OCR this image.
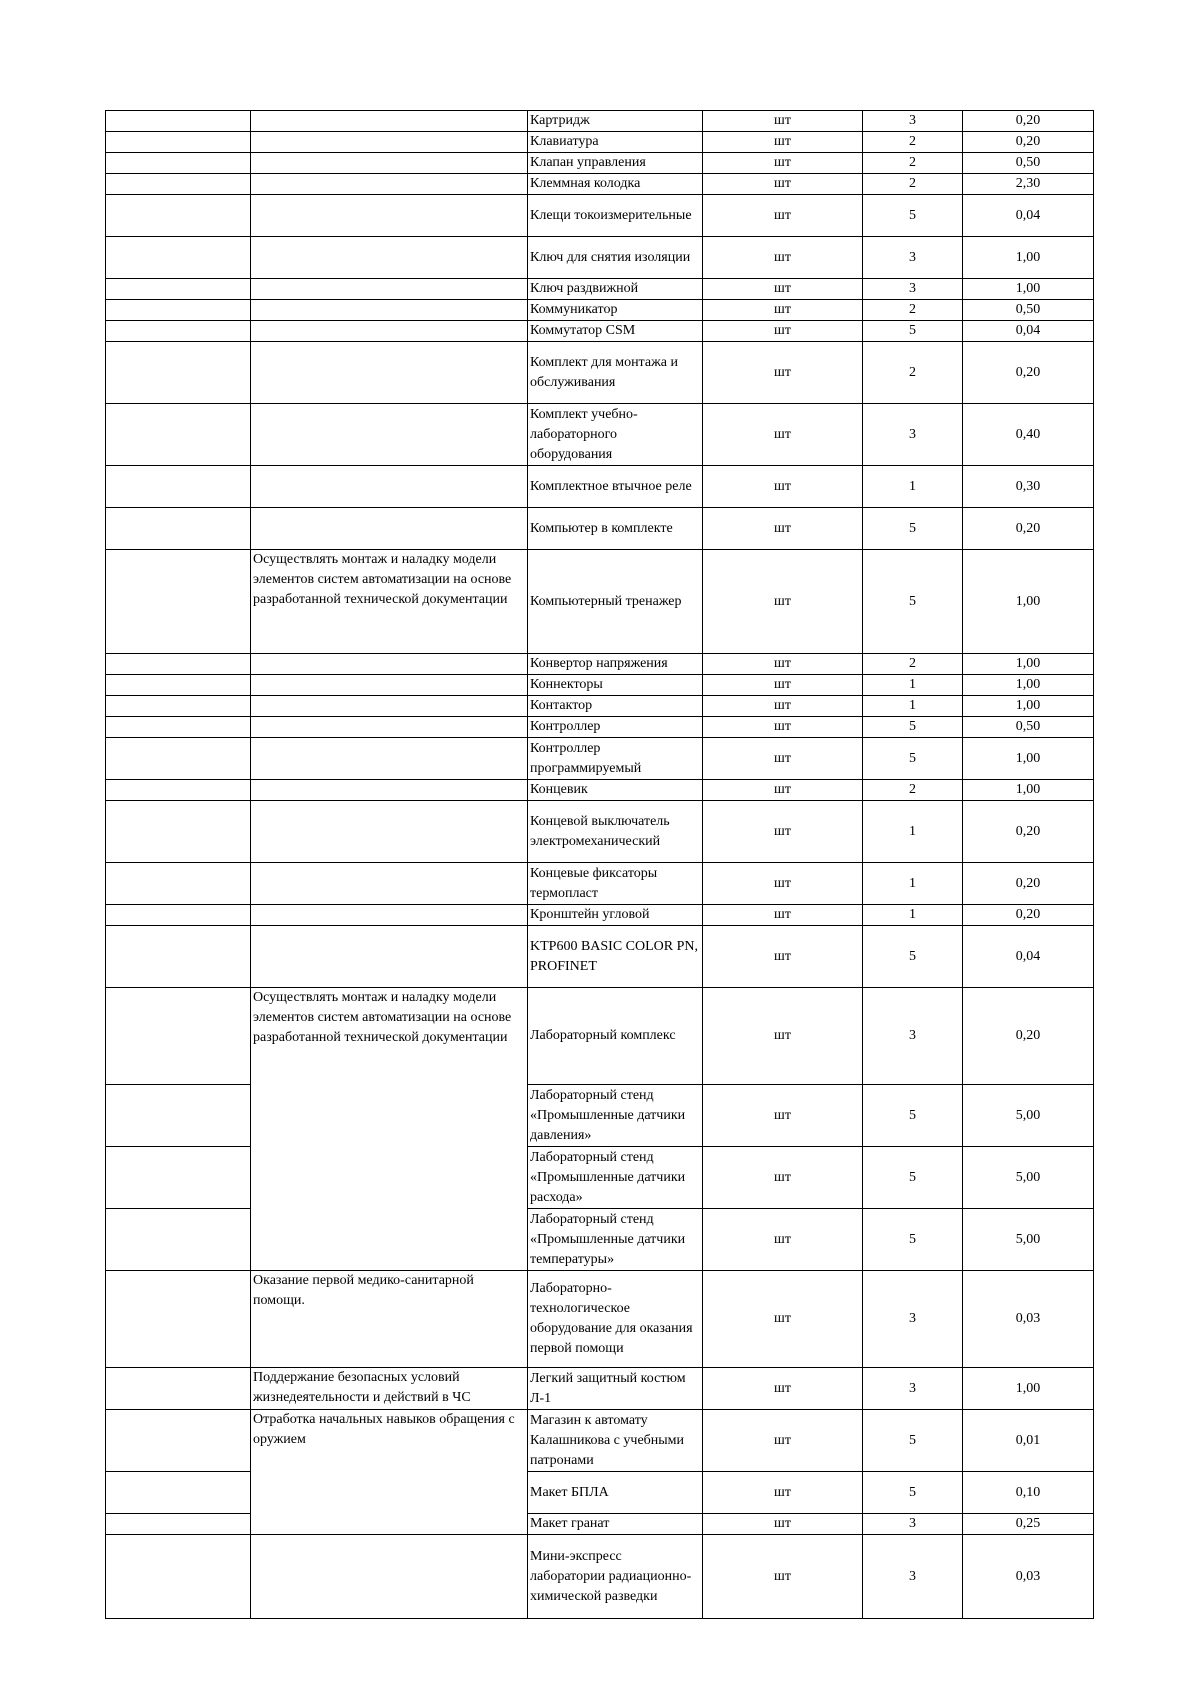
		Картридж	шт	3	0,20
		Клавиатура	шт	2	0,20
		Клапан управления	шт	2	0,50
		Клеммная колодка	шт	2	2,30
		Клещи токоизмерительные	шт	5	0,04
		Ключ для снятия изоляции	шт	3	1,00
		Ключ раздвижной	шт	3	1,00
		Коммуникатор	шт	2	0,50
		Коммутатор CSM	шт	5	0,04
		Комплект для монтажа и обслуживания	шт	2	0,20
		Комплект учебно-лабораторного оборудования	шт	3	0,40
		Комплектное втычное реле	шт	1	0,30
		Компьютер в комплекте	шт	5	0,20
	Осуществлять монтаж и наладку модели элементов систем автоматизации на основе разработанной технической документации	Компьютерный тренажер	шт	5	1,00
		Конвертор напряжения	шт	2	1,00
		Коннекторы	шт	1	1,00
		Контактор	шт	1	1,00
		Контроллер	шт	5	0,50
		Контроллер программируемый	шт	5	1,00
		Концевик	шт	2	1,00
		Концевой выключатель электромеханический	шт	1	0,20
		Концевые фиксаторы термопласт	шт	1	0,20
		Кронштейн угловой	шт	1	0,20
		KTP600 BASIC COLOR PN, PROFINET	шт	5	0,04
	Осуществлять монтаж и наладку модели элементов систем автоматизации на основе разработанной технической документации	Лабораторный комплекс	шт	3	0,20
		Лабораторный стенд «Промышленные датчики давления»	шт	5	5,00
		Лабораторный стенд «Промышленные датчики расхода»	шт	5	5,00
		Лабораторный стенд «Промышленные датчики температуры»	шт	5	5,00
	Оказание первой медико-санитарной помощи.	Лабораторно-технологическое оборудование для оказания первой помощи	шт	3	0,03
	Поддержание безопасных условий жизнедеятельности и действий в ЧС	Легкий защитный костюм Л-1	шт	3	1,00
	Отработка начальных навыков обращения с оружием	Магазин к автомату Калашникова с учебными патронами	шт	5	0,01
		Макет БПЛА	шт	5	0,10
		Макет гранат	шт	3	0,25
		Мини-экспресс лаборатории радиационно-химической разведки	шт	3	0,03
